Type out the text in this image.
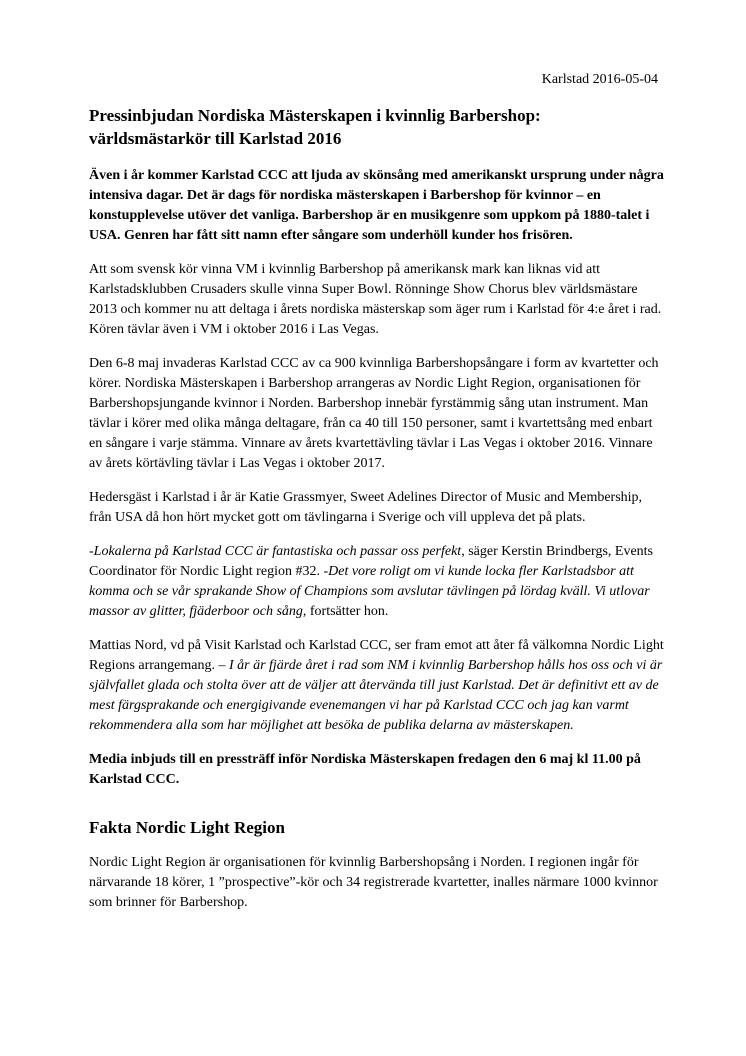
Karlstad 2016-05-04
Pressinbjudan Nordiska Mästerskapen i kvinnlig Barbershop:
världsmästarkör till Karlstad 2016

Även i år kommer Karlstad CCC att ljuda av skönsång med amerikanskt ursprung under några intensiva dagar. Det är dags för nordiska mästerskapen i Barbershop för kvinnor – en konstupplevelse utöver det vanliga. Barbershop är en musikgenre som uppkom på 1880-talet i USA. Genren har fått sitt namn efter sångare som underhöll kunder hos frisören.

Att som svensk kör vinna VM i kvinnlig Barbershop på amerikansk mark kan liknas vid att Karlstadsklubben Crusaders skulle vinna Super Bowl. Rönninge Show Chorus blev världsmästare 2013 och kommer nu att deltaga i årets nordiska mästerskap som äger rum i Karlstad för 4:e året i rad. Kören tävlar även i VM i oktober 2016 i Las Vegas.

Den 6-8 maj invaderas Karlstad CCC av ca 900 kvinnliga Barbershopsångare i form av kvartetter och körer. Nordiska Mästerskapen i Barbershop arrangeras av Nordic Light Region, organisationen för Barbershopsjungande kvinnor i Norden. Barbershop innebär fyrstämmig sång utan instrument. Man tävlar i körer med olika många deltagare, från ca 40 till 150 personer, samt i kvartettsång med enbart en sångare i varje stämma. Vinnare av årets kvartettävling tävlar i Las Vegas i oktober 2016. Vinnare av årets körtävling tävlar i Las Vegas i oktober 2017.

Hedersgäst i Karlstad i år är Katie Grassmyer, Sweet Adelines Director of Music and Membership, från USA då hon hört mycket gott om tävlingarna i Sverige och vill uppleva det på plats.

-Lokalerna på Karlstad CCC är fantastiska och passar oss perfekt, säger Kerstin Brindbergs, Events Coordinator för Nordic Light region #32. -Det vore roligt om vi kunde locka fler Karlstadsbor att komma och se vår sprakande Show of Champions som avslutar tävlingen på lördag kväll. Vi utlovar massor av glitter, fjäderboor och sång, fortsätter hon.

Mattias Nord, vd på Visit Karlstad och Karlstad CCC, ser fram emot att åter få välkomna Nordic Light Regions arrangemang. – I år är fjärde året i rad som NM i kvinnlig Barbershop hålls hos oss och vi är självfallet glada och stolta över att de väljer att återvända till just Karlstad. Det är definitivt ett av de mest färgsprakande och energigivande evenemangen vi har på Karlstad CCC och jag kan varmt rekommendera alla som har möjlighet att besöka de publika delarna av mästerskapen.

Media inbjuds till en pressträff inför Nordiska Mästerskapen fredagen den 6 maj kl 11.00 på Karlstad CCC.

Fakta Nordic Light Region

Nordic Light Region är organisationen för kvinnlig Barbershopsång i Norden. I regionen ingår för närvarande 18 körer, 1 ”prospective”-kör och 34 registrerade kvartetter, inalles närmare 1000 kvinnor som brinner för Barbershop.
